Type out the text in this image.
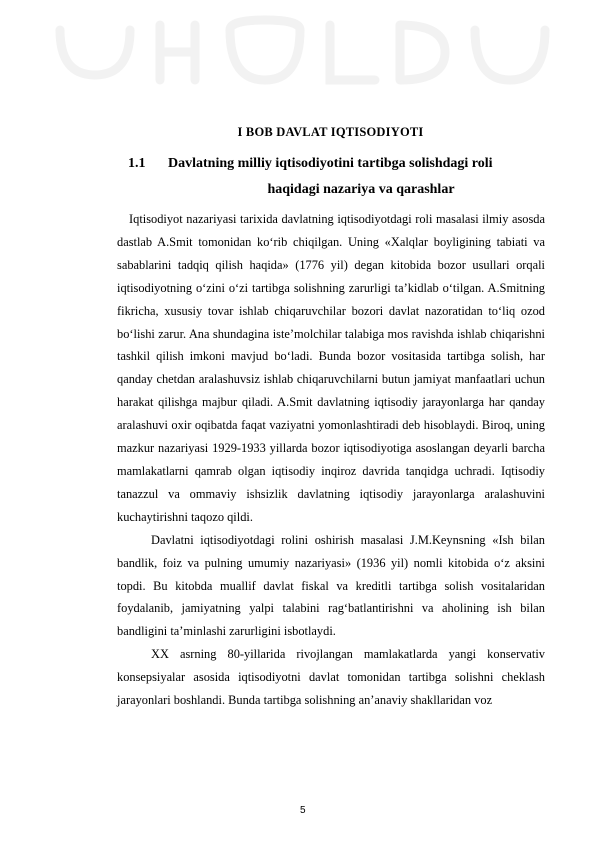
I BOB DAVLAT IQTISODIYOTI
1.1 Davlatning milliy iqtisodiyotini tartibga solishdagi roli
haqidagi nazariya va qarashlar

Iqtisodiyot nazariyasi tarixida davlatning iqtisodiyotdagi roli masalasi ilmiy asosda dastlab A.Smit tomonidan ko‘rib chiqilgan. Uning «Xalqlar boyligining tabiati va sabablarini tadqiq qilish haqida» (1776 yil) degan kitobida bozor usullari orqali iqtisodiyotning o‘zini o‘zi tartibga solishning zarurligi ta’kidlab o‘tilgan. A.Smitning fikricha, xususiy tovar ishlab chiqaruvchilar bozori davlat nazoratidan to‘liq ozod bo‘lishi zarur. Ana shundagina iste’molchilar talabiga mos ravishda ishlab chiqarishni tashkil qilish imkoni mavjud bo‘ladi. Bunda bozor vositasida tartibga solish, har qanday chetdan aralashuvsiz ishlab chiqaruvchilarni butun jamiyat manfaatlari uchun harakat qilishga majbur qiladi. A.Smit davlatning iqtisodiy jarayonlarga har qanday aralashuvi oxir oqibatda faqat vaziyatni yomonlashtiradi deb hisoblaydi. Biroq, uning mazkur nazariyasi 1929-1933 yillarda bozor iqtisodiyotiga asoslangan deyarli barcha mamlakatlarni qamrab olgan iqtisodiy inqiroz davrida tanqidga uchradi. Iqtisodiy tanazzul va ommaviy ishsizlik davlatning iqtisodiy jarayonlarga aralashuvini kuchaytirishni taqozo qildi.

Davlatni iqtisodiyotdagi rolini oshirish masalasi J.M.Keynsning «Ish bilan bandlik, foiz va pulning umumiy nazariyasi» (1936 yil) nomli kitobida o‘z aksini topdi. Bu kitobda muallif davlat fiskal va kreditli tartibga solish vositalaridan foydalanib, jamiyatning yalpi talabini rag‘batlantirishni va aholining ish bilan bandligini ta’minlashi zarurligini isbotlaydi.

XX asrning 80-yillarida rivojlangan mamlakatlarda yangi konservativ konsepsiyalar asosida iqtisodiyotni davlat tomonidan tartibga solishni cheklash jarayonlari boshlandi. Bunda tartibga solishning an’anaviy shakllaridan voz

5
